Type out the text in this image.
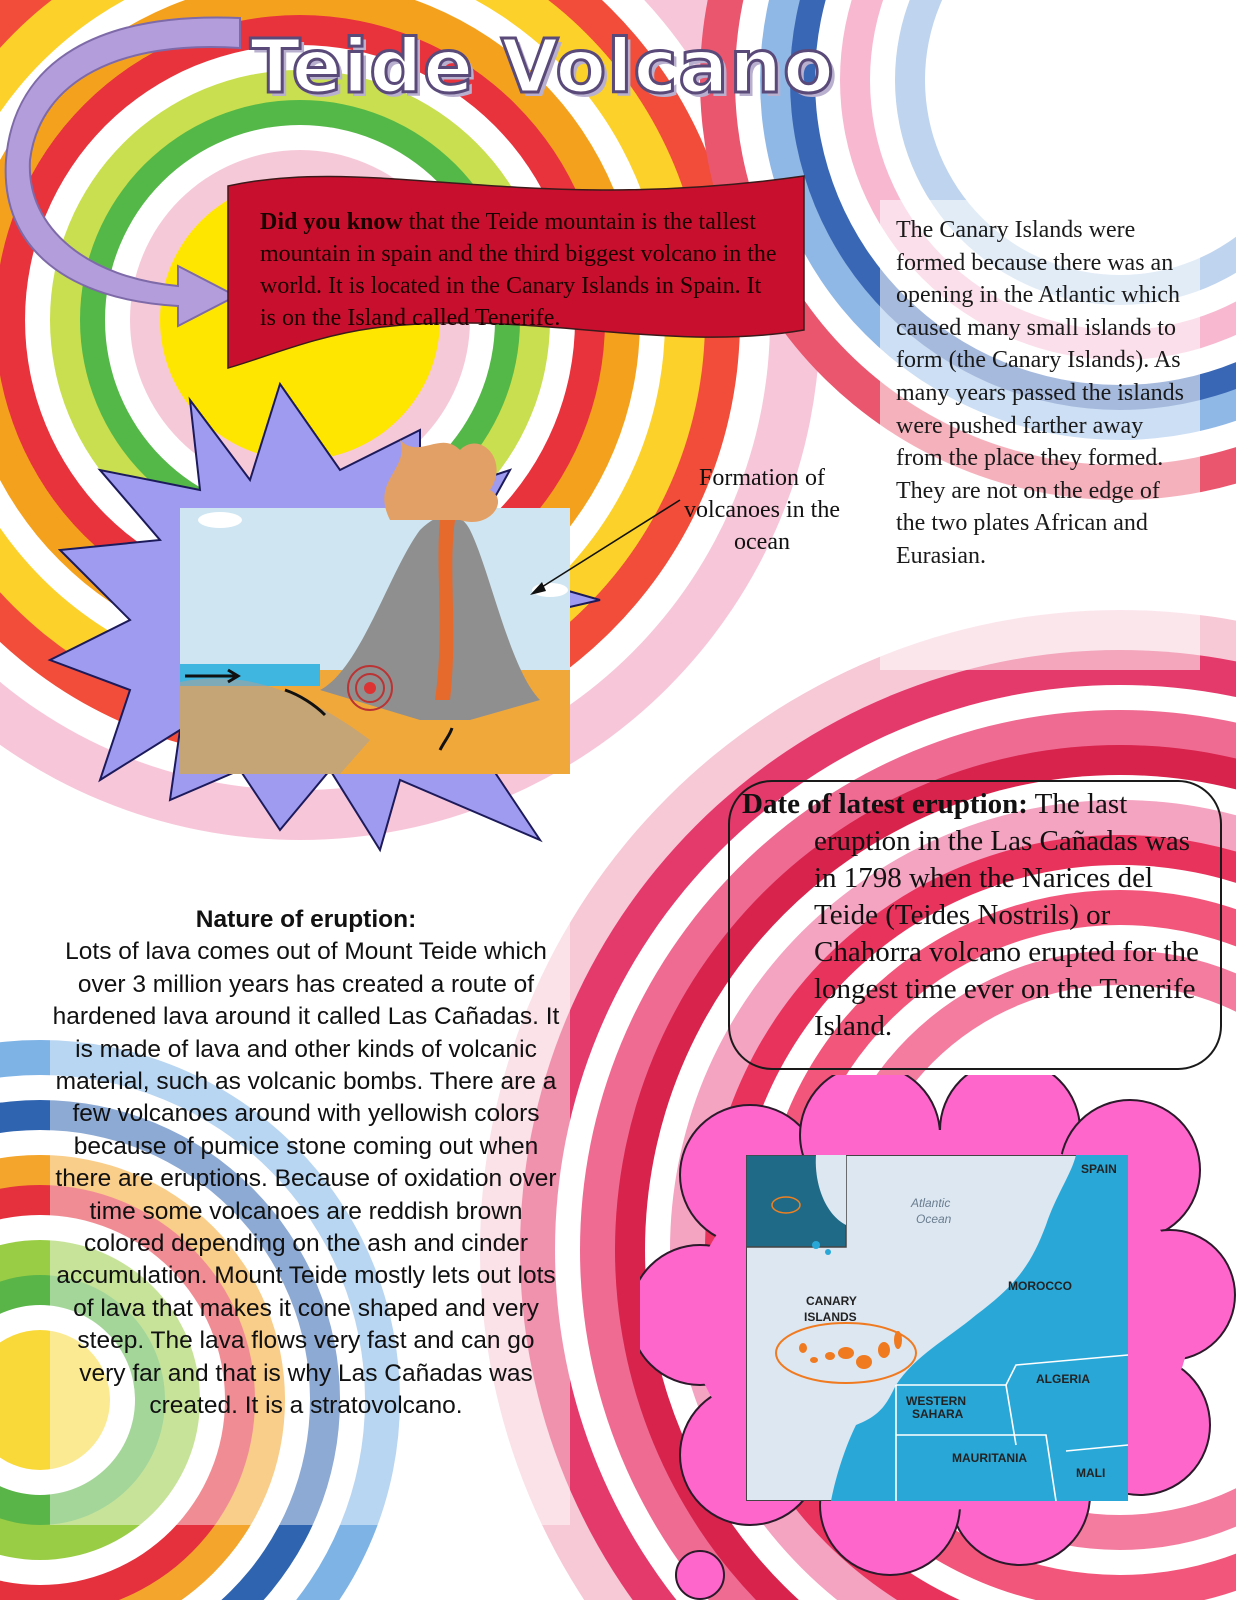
Teide Volcano
Did you know that the Teide mountain is the tallest mountain in spain and the third biggest volcano in the world. It is located in the Canary Islands in Spain. It is on the Island called Tenerife.
The Canary Islands were formed because there was an opening in the Atlantic which caused many small islands to form (the Canary Islands). As many years passed the islands were pushed farther away from the place they formed. They are not on the edge of the two plates African and Eurasian.
Formation of volcanoes in the ocean
Date of latest eruption: The last eruption in the Las Cañadas was in 1798 when the Narices del Teide (Teides Nostrils) or Chahorra volcano erupted for the longest time ever on the Tenerife Island.
Nature of eruption:
Lots of lava comes out of Mount Teide which over 3 million years has created a route of hardened lava around it called Las Cañadas. It is made of lava and other kinds of volcanic material, such as volcanic bombs. There are a few volcanoes around with yellowish colors because of pumice stone coming out when there are eruptions. Because of oxidation over time some volcanoes are reddish brown colored depending on the ash and cinder accumulation. Mount Teide mostly lets out lots of lava that makes it cone shaped and very steep. The lava flows very fast and can go very far and that is why Las Cañadas was created. It is a stratovolcano.
SPAIN
Atlantic
Ocean
CANARY
ISLANDS
MOROCCO
ALGERIA
WESTERN
SAHARA
MAURITANIA
MALI
